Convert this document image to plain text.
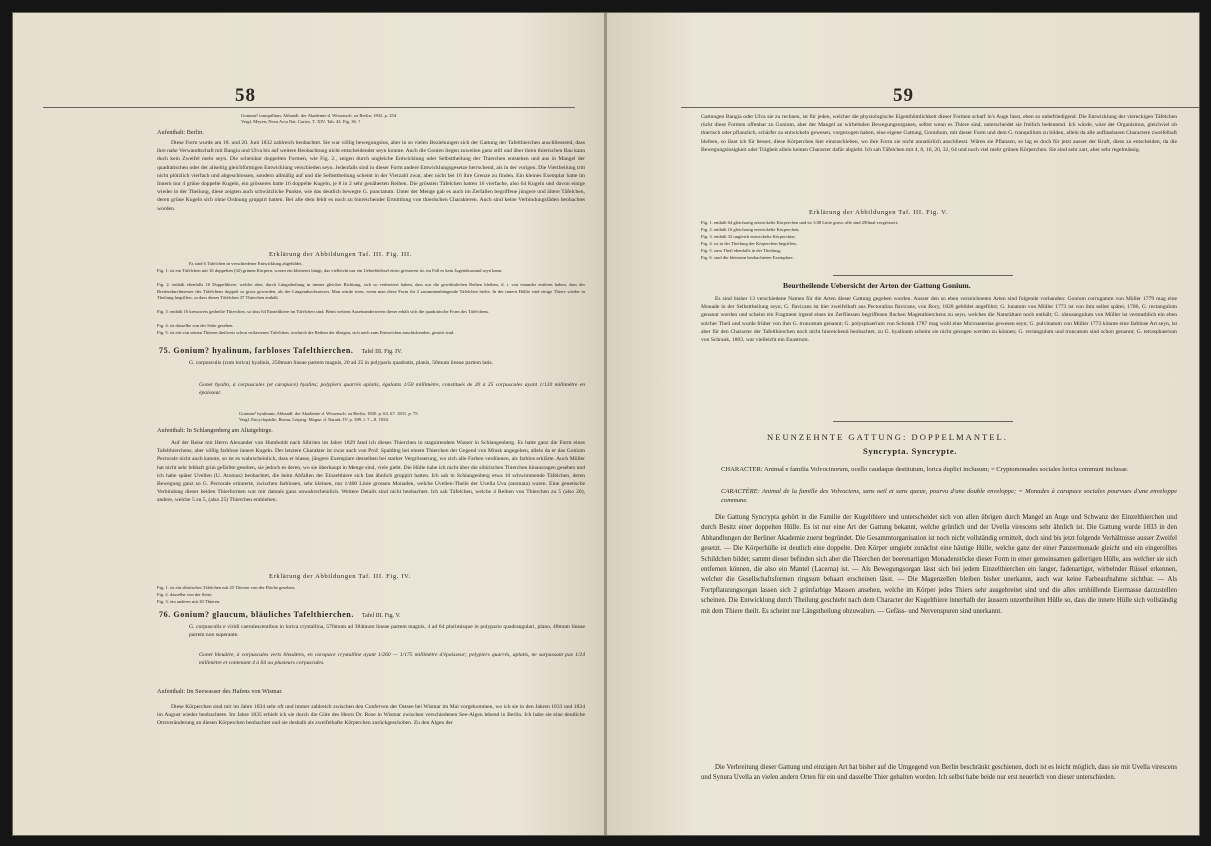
58
Gonium? tranquillum, Abhandl. der Akademie d. Wissensch. zu Berlin, 1832. p. 254.
Vergl. Meyen, Nova Acta Nat. Curios. T. XIV. Tab. 43. Fig. 36. ?
Aufenthalt: Berlin.
Diese Form wurde am 18. und 20. Juni 1832 zahlreich beobachtet. Sie war völlig bewegungslos, aber in so vielen Beziehungen sich der Gattung der Tafelthierchen anschliessend, dass ihre nahe Verwandtschaft mit Bangia und Ulva bis auf weitere Beobachtung nicht entscheidender seyn konnte. Auch die Gonien liegen zuweilen ganz still und über ihren thierischen Bau kann doch kein Zweifel mehr seyn. Die scheinbar doppelten Formen, wie Fig. 2., zeigen durch ungleiche Entwicklung oder Selbsttheilung der Thierchen entstehen und aus in Mangel der quadratischen oder der allseitig gleichförmigen Entwicklung verschieden seyn. Jedenfalls sind in dieser Form andere Entwicklungsgesetze herrschend, als in der vorigen. Die Viertheilung tritt nicht plötzlich vierfach und abgeschlossen, sondern allmälig auf und die Selbsttheilung scheint in der Vierzahl zwar, aber nicht bei 16 ihre Grenze zu finden. Ein kleines Exemplar hatte im Innern nur 4 grüne doppelte Kugeln, ein grösseres hatte 16 doppelte Kugeln, je 8 in 2 sehr genäherten Reihen. Die grössten Täfelchen hatten 16 vierfache, also 64 Kugeln und davon einige wieder in der Theilung, diese zeigten auch schwärzliche Punkte, wie das deutlich bewegte G. punctatum. Unter der Menge gab es auch im Zerfallen begriffene jüngere und ältere Täfelchen, deren grüne Kugeln sich ohne Ordnung gruppirt hatten. Bei alle dem fehlt es noch zu hinreichender Ermittlung von thierischen Charakteren. Auch sind keine Verbindungsfäden beobachtet worden.
Erklärung der Abbildungen Taf. III. Fig. III.
Es sind 6 Täfelchen in verschiedener Entwicklung abgebildet.
Fig. 1. ist ein Täfelchen mit 16 doppelten (32) grünen Körpern, woran ein kleineres hängt, das vielleicht nur ein Ueberbleibsel eines grösseren ist, im Fall es kein Jugendzustand seyn kann.
Fig. 2. enthält ebenfalls 16 Doppelthiere, welche aber, durch Längstheilung in immer gleicher Richtung, sich so verbreitert haben, dass nur die gewöhnlichen Reihen bleiben, d. i. von einander entfernt haben, dass der Breitendurchmesser des Täfelchens doppelt so gross geworden, als der Längendurchmesser. Man würde irren, wenn man diese Form für 2 zusammenhängende Täfelchen hielte. In der innern Hälfte sind einige Thiere wieder in Theilung begriffen, so dass dieses Täfelchen 37 Thierchen enthält.
Fig. 3. enthält 16 kreuzweis getheilte Thierchen, so dass 64 Einzelthiere im Täfelchen sind. Beim weitern Auseinandertreten dieser erhält sich die quadratische Form des Täfelchens.
Fig. 4. ist dasselbe von der Seite gesehen.
Fig. 5. ist ein von seinen Thieren theilweis schon verlassenes Täfelchen, wodurch die Reihen der übrigen, sich nach zum Entweichen anschickenden, gestört sind.
75. Gonium? hyalinum, farbloses Tafelthierchen. Tafel III. Fig. IV.
G. corpusculis (cum lorica) hyalinis, 250mum lineae partem magnis, 20 ad 25 in polyparis quadratis, planis, 50mum lineae partem latis.
Gonet hyalin, à corpuscules (et carapace) hyalins; polypiers quarrés aplatis, égalants 1/50 millimètre, constitués de 20 à 25 corpuscules ayant 1/120 millimètre en épaisseur.
Gonium? hyalinum, Abhandl. der Akademie d. Wissensch. zu Berlin, 1830. p. 63, 67. 1831. p. 75.
Vergl. Encyclopädie, Bronn, Leipzig. Magaz. d. Naturk. IV. p. 389. f. 7—8. 1834.
Aufenthalt: In Schlangenberg am Altaigebirge.
Auf der Reise mit Herrn Alexander von Humboldt nach Sibirien im Jahre 1829 fand ich dieses Thierchen in stagnirendem Wasser in Schlangenberg. Es hatte ganz die Form eines Tafelthierchens, aber völlig farblose innere Kugeln. Der letztere Charakter ist zwar auch von Prof. Spalding bei einem Thierchen der Gegend von Minsk angegeben, allein da er das Gonium Pectorale nicht auch kannte, so ist es wahrscheinlich, dass er blasse, jüngere Exemplare desselben bei starker Vergrösserung, wo sich alle Farben verdünnen, als farblos erklärte. Auch Müller hat nicht sehr lebhaft grün gefärbte gesehen, sie jedoch es deren, wo sie überhaupt in Menge sind, viele giebt. Die Hülle habe ich nicht über die sibirischen Thierchen hinausragen gesehen und ich habe später Uvellen (U. Atomus) beobachtet, die beim Abfallen der Einzelthiere sich fast ähnlich gruppirt hatten. Ich sah in Schlangenberg etwa 10 schwimmende Täfelchen, deren Bewegung ganz so G. Pectorale erinnerte, zwischen farblosen, sehr kleinen, nur 1/400 Linie grossen Monaden, welche Uvellen-Theile der Uvella Uva (atomata) waren. Eine genetische Verbindung dieser beiden Thierformen war mir damals ganz unwahrscheinlich. Weitere Details sind nicht beobachtet. Ich sah Täfelchen, welche 4 Reihen von Thierchen zu 5 (also 20), andere, welche 5 zu 5, (also 25) Thierchen enthielten.
Erklärung der Abbildungen Taf. III. Fig. IV.
Fig. 1. ist ein sibirisches Täfelchen mit 25 Thieren von der Fläche gesehen;
Fig. 2. dasselbe von der Seite;
Fig. 3. ein anderes mit 20 Thieren.
76. Gonium? glaucum, bläuliches Tafelthierchen. Tafel III. Fig. V.
G. corpusculis e viridi caerulescentibus in lorica crystallina, 576mum ad 384mum lineae partem magnis, 4 ad 64 plurimisque in polypario quadrangulari, plano, 48mum lineae partem non superante.
Gonet bleuâtre, à corpuscules verts bleuâtres, en carapace crystalline ayant 1/260 — 1/175 millimètre d'épaisseur; polypiers quarrés, aplatis, ne surpassant pas 1/24 millimètre et contenant 4 à 64 ou plusieurs corpuscules.
Aufenthalt: Im Seewasser des Hafens von Wismar.
Diese Körperchen sind mir im Jahre 1834 sehr oft und immer zahlreich zwischen den Conferven der Ostsee bei Wismar im Mai vorgekommen, wo ich sie in den Jahren 1833 und 1834 im August wieder beobachtete. Im Jahre 1835 erhielt ich sie durch die Güte des Herrn Dr. Rose in Wismar zwischen verschiedenen See-Algen lebend in Berlin. Ich habe sie eine deutliche Ortsveränderung an diesen Körperchen beobachtet und sie deshalb als zweifelhafte Körperchen zurückgeschoben. Zu den Algen der
59
Gattungen Bangia oder Ulva sie zu rechnen, ist für jeden, welcher die physiologische Eigenthümlichkeit dieser Formen scharf in's Auge fasst, eben so unbefriedigend. Die Entwicklung der viereckigen Täfelchen rückt diese Formen offenbar zu Gonium, aber der Mangel an wirbelnden Bewegungsorganen, selbst wenn es Thiere sind, unterscheidet sie freilich bedeutend. Ich würde, wäre der Organismus, gleichviel ob thierisch oder pflanzlich, schärfer zu entwickeln gewesen, vorgezogen haben, eine eigene Gattung, Gonidium, mit dieser Form und dem G. tranquillum zu bilden, allein da alle auffassbaren Charactere zweifelhaft bleiben, so lässt ich für besser, diese Körperchen hier einzuschieben, wo ihre Form sie nicht unnatürlich anschliesst. Wären sie Pflanzen, so lag es doch für jetzt ausser der Kraft, diess zu entscheiden, da die Bewegungslosigkeit oder Trägheit allein keinen Character dafür abgiebt. Ich sah Täfelchen mit 4, 8, 16, 20, 32, 64 und noch viel mehr grünen Körperchen. Sie sind sehr zart, aber sehr regelmässig.
Erklärung der Abbildungen Taf. III. Fig. V.
Fig. 1. enthält 64 gleichartig entwickelte Körperchen und ist 1/48 Linie gross; alle sind 290mal vergrössert;
Fig. 2. enthält 16 gleichartig entwickelte Körperchen;
Fig. 3. enthält 32 ungleich entwickelte Körperchen;
Fig. 4. ist in der Theilung der Körperchen begriffen;
Fig. 5. zum Theil ebenfalls in der Theilung;
Fig. 6. sind die kleinsten beobachteten Exemplare.
Beurtheilende Uebersicht der Arten der Gattung Gonium.
Es sind bisher 13 verschiedene Namen für die Arten dieser Gattung gegeben worden. Ausser den so eben verzeichneten Arten sind folgende vorhanden: Gonium corrugatum von Müller 1779 mag eine Monade in der Selbsttheilung seyn; G. flavicans ist hier zweifelhaft aus Pectoralina flavicans, von Bory, 1828 gebildet angeführt; G. lunatum von Müller 1773 ist von ihm selbst später, 1786, G. rectangulum genannt worden und scheint ein Fragment irgend eines im Zerfliessen begriffenen flachen Magenthierchens zu seyn, welches die Naturältare noch enthält; G. obtusangulum von Müller ist vermuthlich ein eben solcher Theil und wurde früher von ihm G. truncatum genannt; G. polysphaerium von Schrank 1787 mag wohl eine Microasterias gewesen seyn; G. pulvinatum von Müller 1773 könnte eine farblose Art seyn, ist aber für den Character der Tafelthierchen noch nicht hinreichend beobachtet, zu G. hyalinum scheint sie nicht gezogen werden zu können; G. rectangulum und truncatum sind schon genannt; G. tetrasphaerium von Schrank, 1803, war vielleicht ein Euastrum.
NEUNZEHNTE GATTUNG: DOPPELMANTEL.
Syncrypta. Syncrypte.
CHARACTER: Animal e familia Volvocinorum, ocello caudaque destitutum, lorica duplici inclusum; = Cryptomonades sociales lorica communi inclusae.
CARACTÈRE: Animal de la famille des Volvociens, sans oeil et sans queue, pourvu d'une double enveloppe; = Monades à carapace sociales pourvues d'une enveloppe commune.
Die Gattung Syncrypta gehört in die Familie der Kugelthiere und unterscheidet sich von allen übrigen durch Mangel an Auge und Schwanz der Einzelthierchen und durch Besitz einer doppelten Hülle. Es ist nur eine Art der Gattung bekannt, welche grünlich und der Uvella virescens sehr ähnlich ist. Die Gattung wurde 1833 in den Abhandlungen der Berliner Akademie zuerst begründet. Die Gesammtorganisation ist noch nicht vollständig ermittelt, doch sind bis jetzt folgende Verhältnisse ausser Zweifel gesetzt. — Die Körperhülle ist deutlich eine doppelte. Den Körper umgiebt zunächst eine häutige Hülle, welche ganz der einer Panzermonade gleicht und ein eingerolltes Schildchen bildet; sammt dieser befinden sich aber die Thierchen der beerenartigen Monadenstöcke dieser Form in einer gemeinsamen gallertigen Hülle, aus welcher sie sich entfernen können, die also ein Mantel (Lacerna) ist. — Als Bewegungsorgan lässt sich bei jedem Einzelthierchen ein langer, fadenartiger, wirbelnder Rüssel erkennen, welcher die Gesellschaftsformen ringsum behaart erscheinen lässt. — Die Magenzellen bleiben bisher unerkannt, auch war keine Farbeaufnahme sichtbar. — Als Fortpflanzungsorgan lassen sich 2 grünfarbige Massen ansehen, welche im Körper jedes Thiers sehr ausgebreitet sind und die alles umhüllende Eiermasse darzustellen scheinen. Die Entwicklung durch Theilung geschieht nach dem Character der Kugelthiere innerhalb der äussern unzertheilten Hülle so, dass die innere Hülle sich vollständig mit dem Thiere theilt. Es scheint nur Längstheilung obzuwalten. — Gefäss- und Nervenspuren sind unerkannt.
Die Verbreitung dieser Gattung und einzigen Art hat bisher auf die Umgegend von Berlin beschränkt geschienen, doch ist es leicht möglich, dass sie mit Uvella virescens und Synura Uvella an vielen andern Orten für ein und dasselbe Thier gehalten worden. Ich selbst habe beide nur erst neuerlich von dieser unterschieden.
